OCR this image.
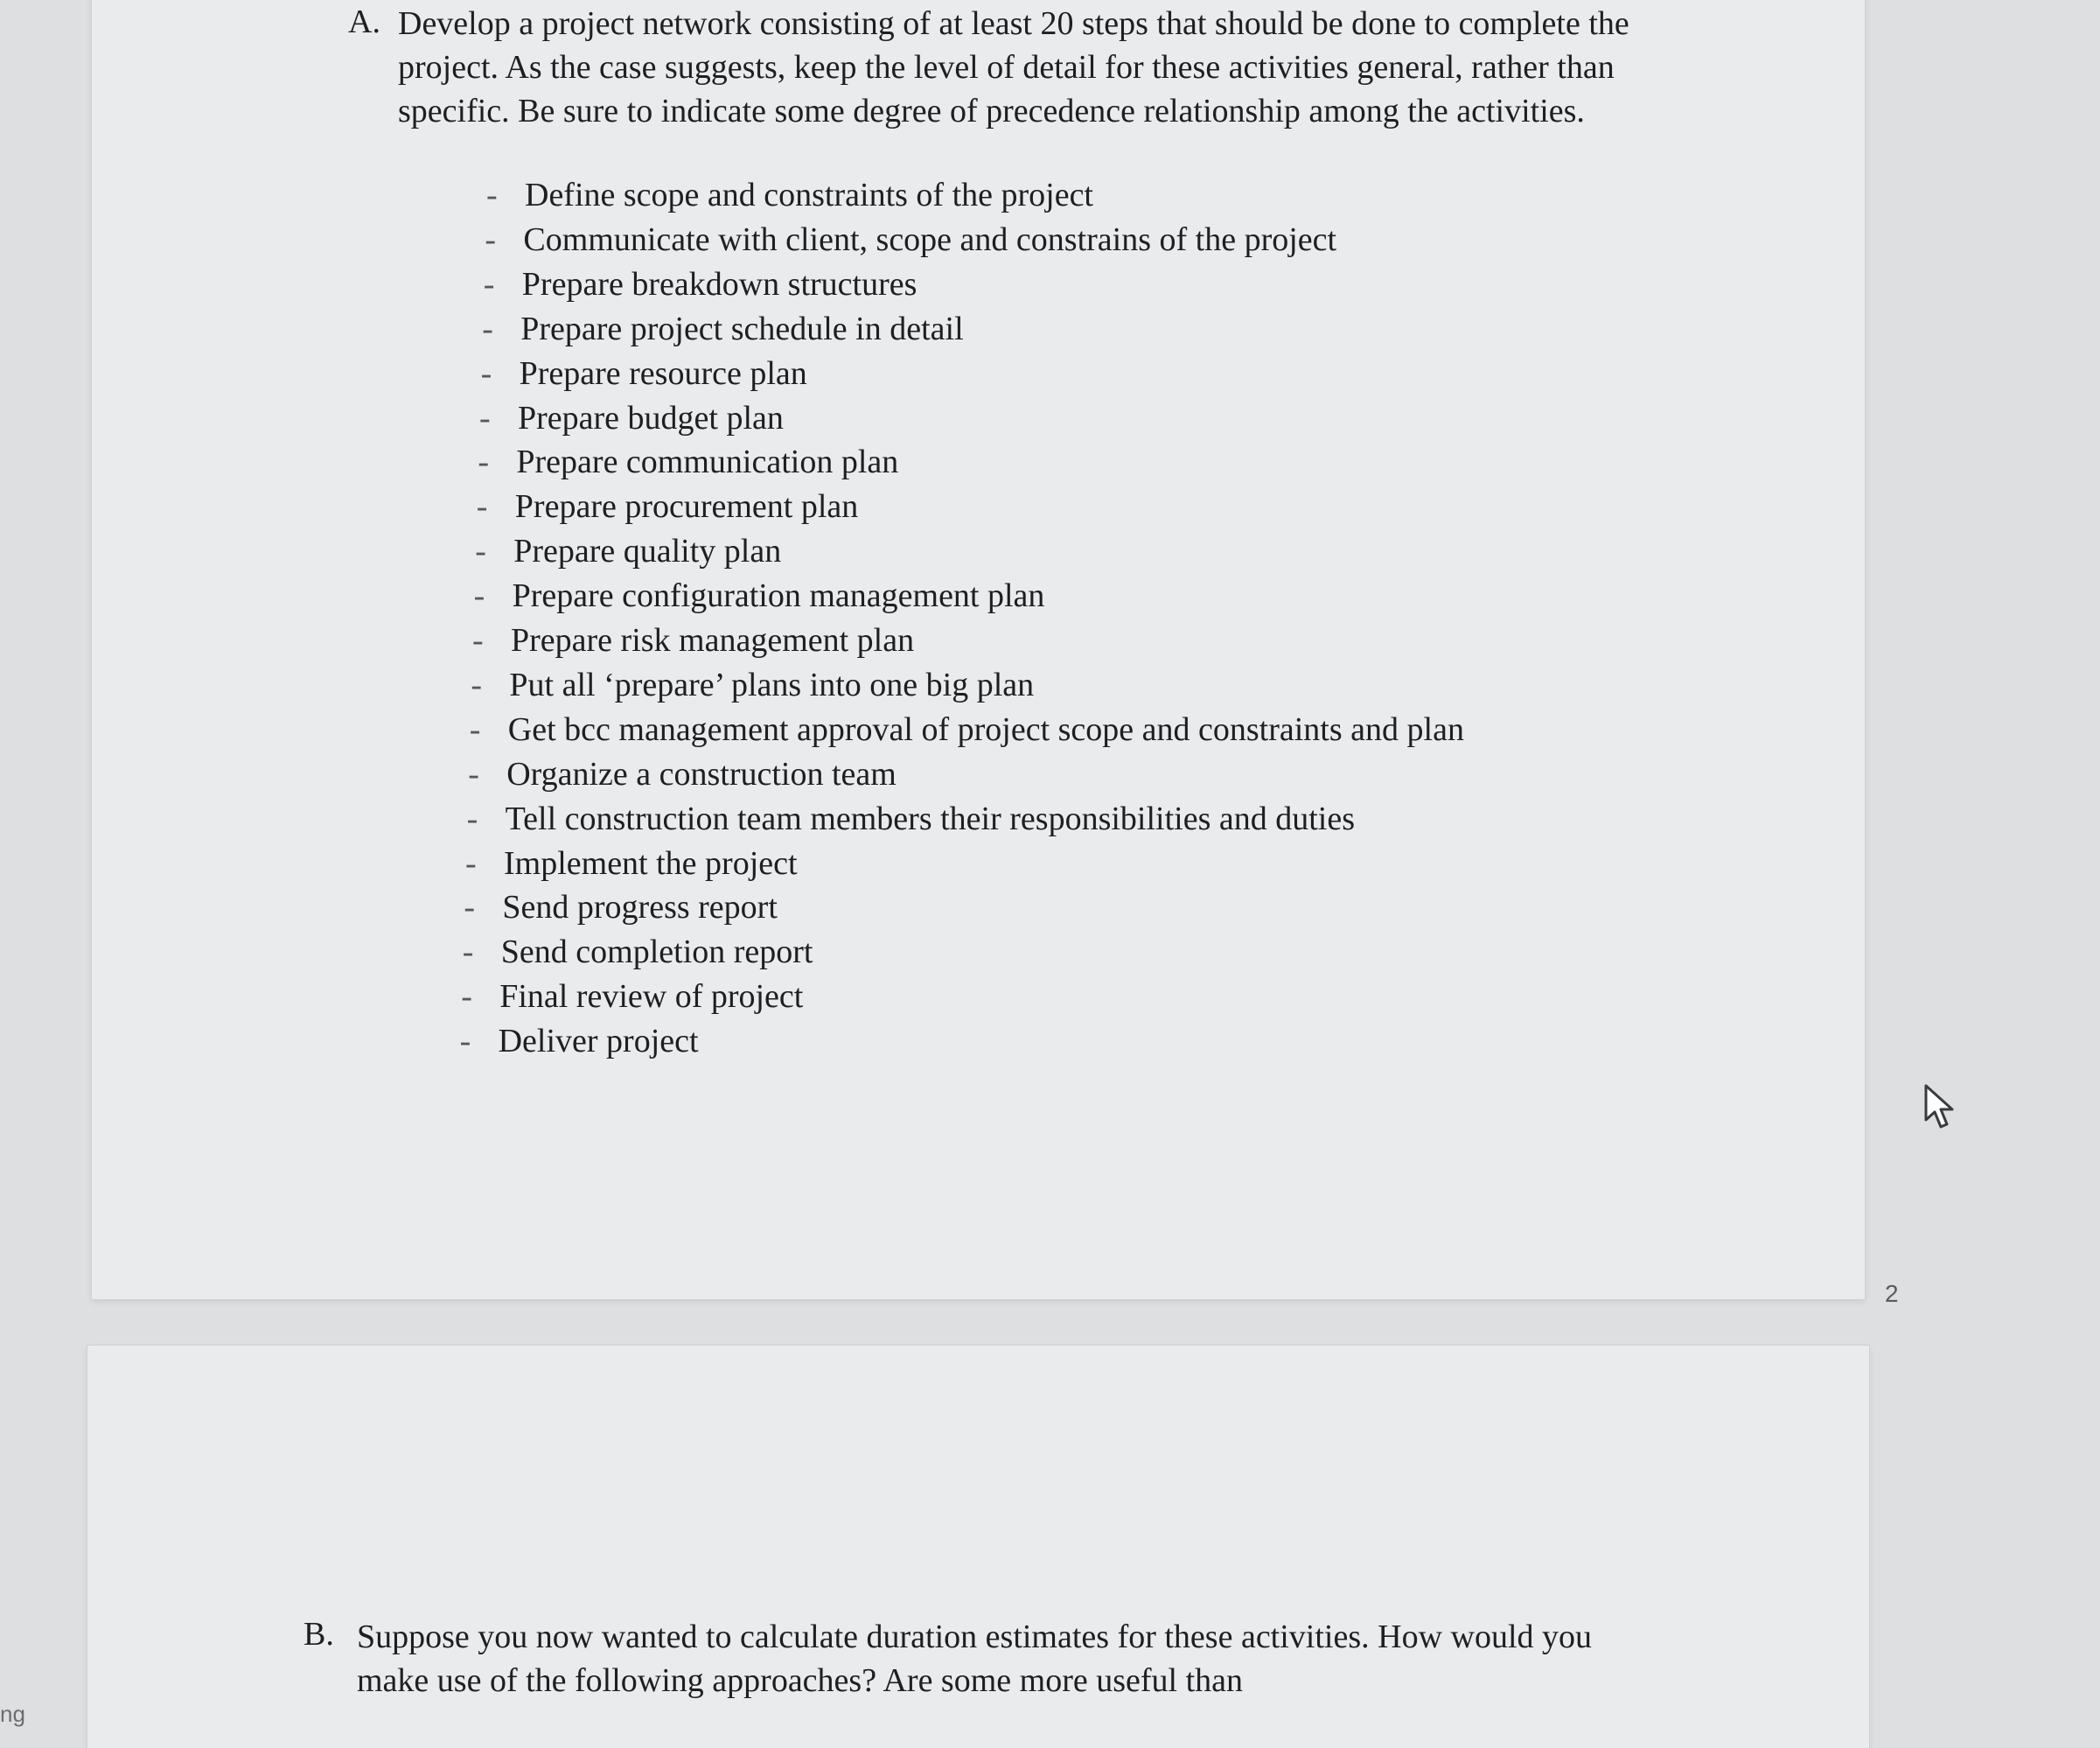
A. Develop a project network consisting of at least 20 steps that should be done to complete the project. As the case suggests, keep the level of detail for these activities general, rather than specific. Be sure to indicate some degree of precedence relationship among the activities.
- Define scope and constraints of the project
- Communicate with client, scope and constrains of the project
- Prepare breakdown structures
- Prepare project schedule in detail
- Prepare resource plan
- Prepare budget plan
- Prepare communication plan
- Prepare procurement plan
- Prepare quality plan
- Prepare configuration management plan
- Prepare risk management plan
- Put all ‘prepare’ plans into one big plan
- Get bcc management approval of project scope and constraints and plan
- Organize a construction team
- Tell construction team members their responsibilities and duties
- Implement the project
- Send progress report
- Send completion report
- Final review of project
- Deliver project
2
B. Suppose you now wanted to calculate duration estimates for these activities. How would you make use of the following approaches? Are some more useful than
ng
